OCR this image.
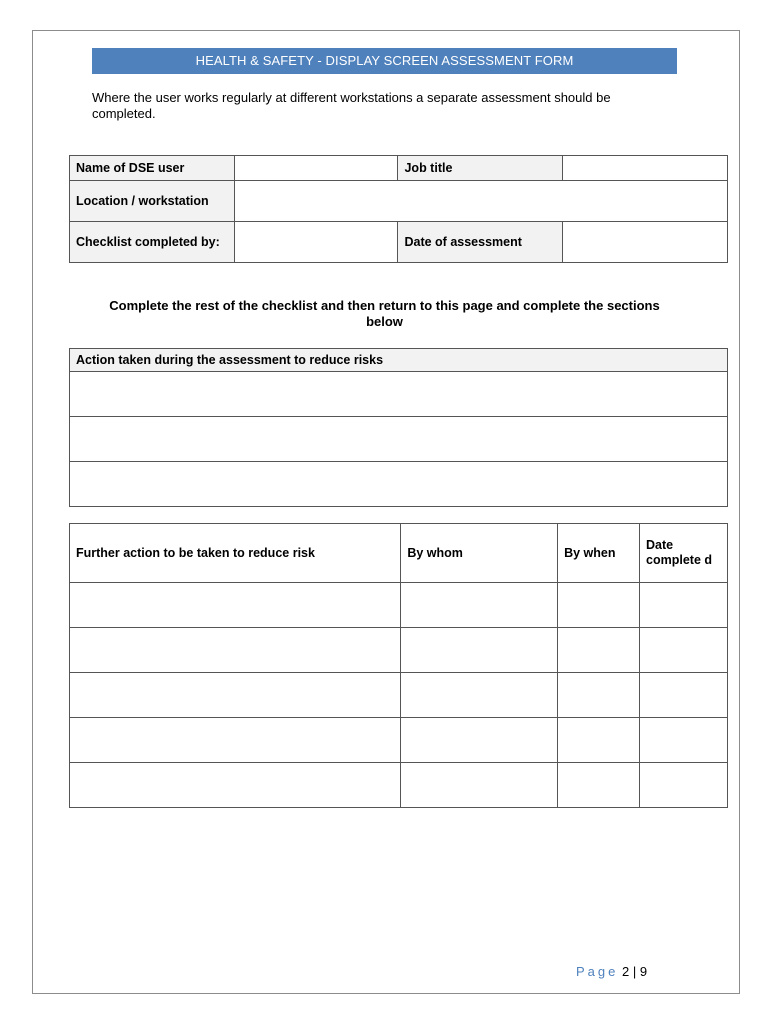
HEALTH & SAFETY - DISPLAY SCREEN ASSESSMENT FORM
Where the user works regularly at different workstations a separate assessment should be completed.
Name of DSE user		Job title	
Location / workstation			
Checklist completed by:		Date of assessment	
Complete the rest of the checklist and then return to this page and complete the sections below
Action taken during the assessment to reduce risks

Further action to be taken to reduce risk	By whom	By when	Date complete d

Page 2 | 9
